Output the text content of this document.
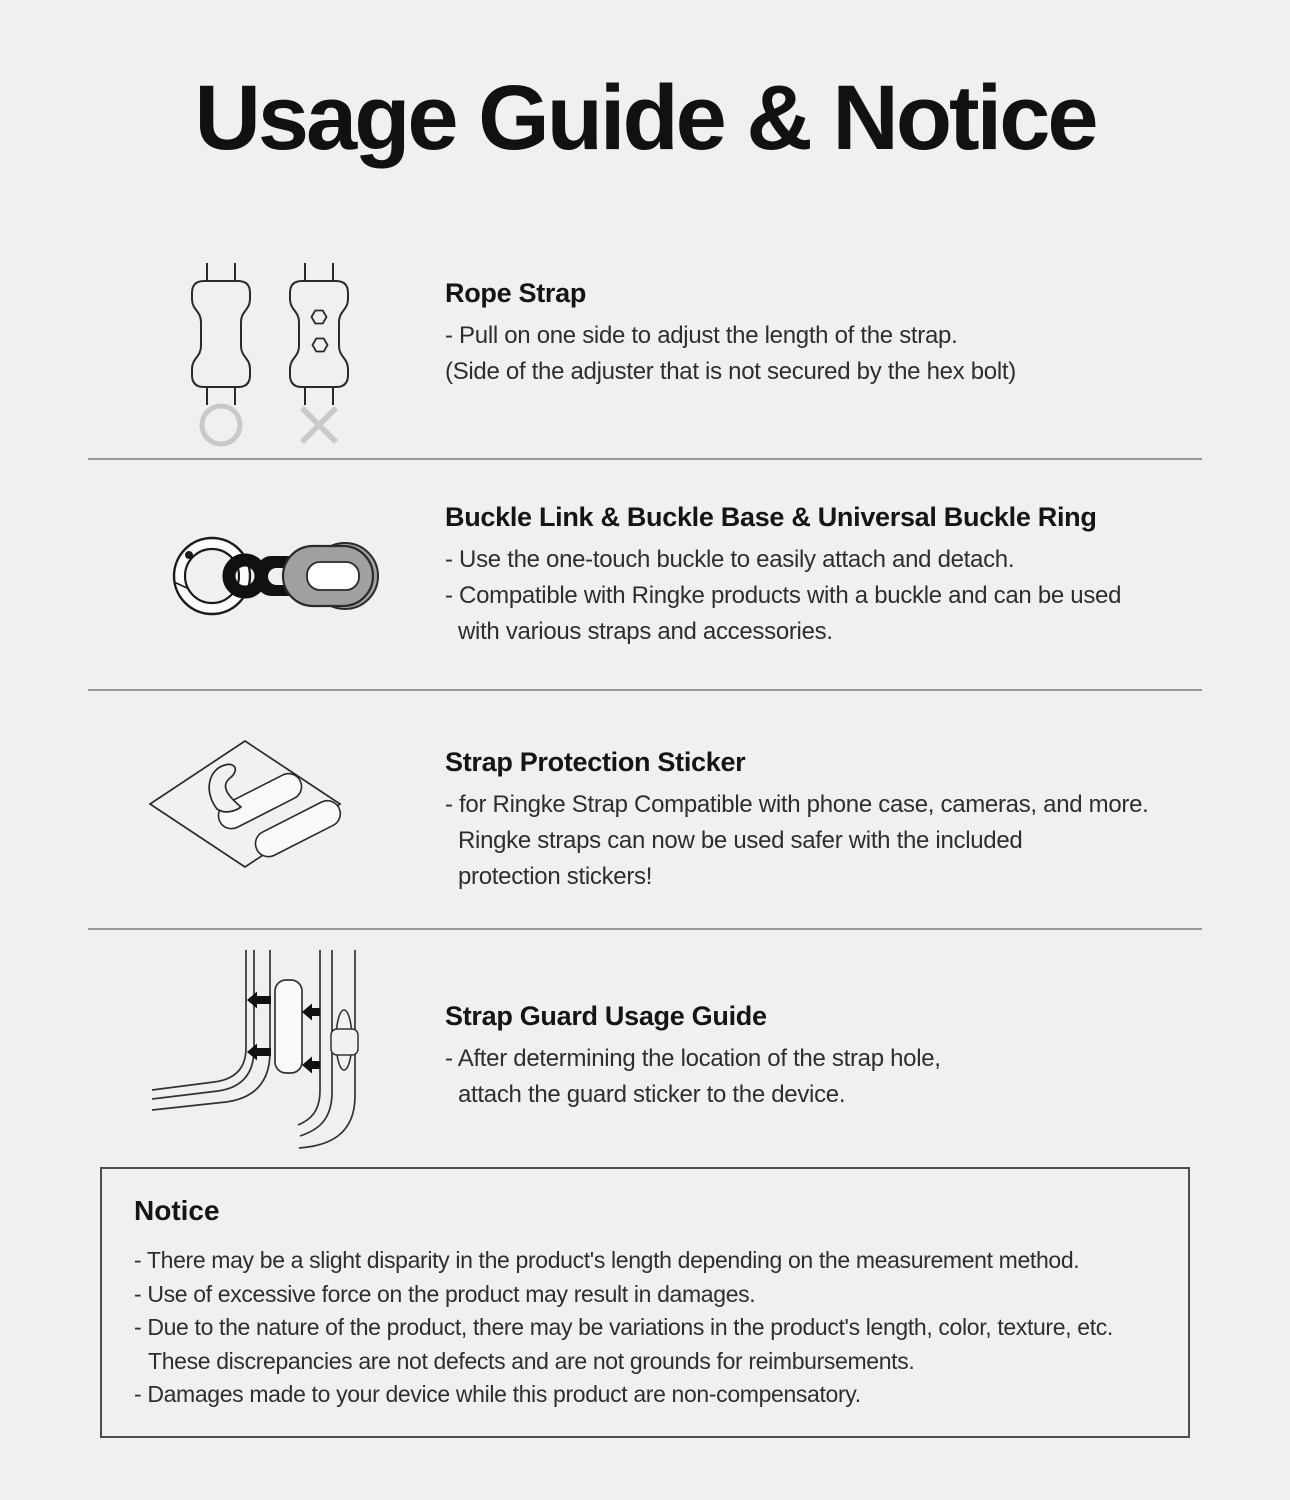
Usage Guide & Notice
Rope Strap
- Pull on one side to adjust the length of the strap.
(Side of the adjuster that is not secured by the hex bolt)
Buckle Link & Buckle Base & Universal Buckle Ring
- Use the one-touch buckle to easily attach and detach.
- Compatible with Ringke products with a buckle and can be used
with various straps and accessories.
Strap Protection Sticker
- for Ringke Strap Compatible with phone case, cameras, and more.
Ringke straps can now be used safer with the included
protection stickers!
Strap Guard Usage Guide
- After determining the location of the strap hole,
attach the guard sticker to the device.
Notice
- There may be a slight disparity in the product's length depending on the measurement method.
- Use of excessive force on the product may result in damages.
- Due to the nature of the product, there may be variations in the product's length, color, texture, etc.
These discrepancies are not defects and are not grounds for reimbursements.
- Damages made to your device while this product are non-compensatory.
